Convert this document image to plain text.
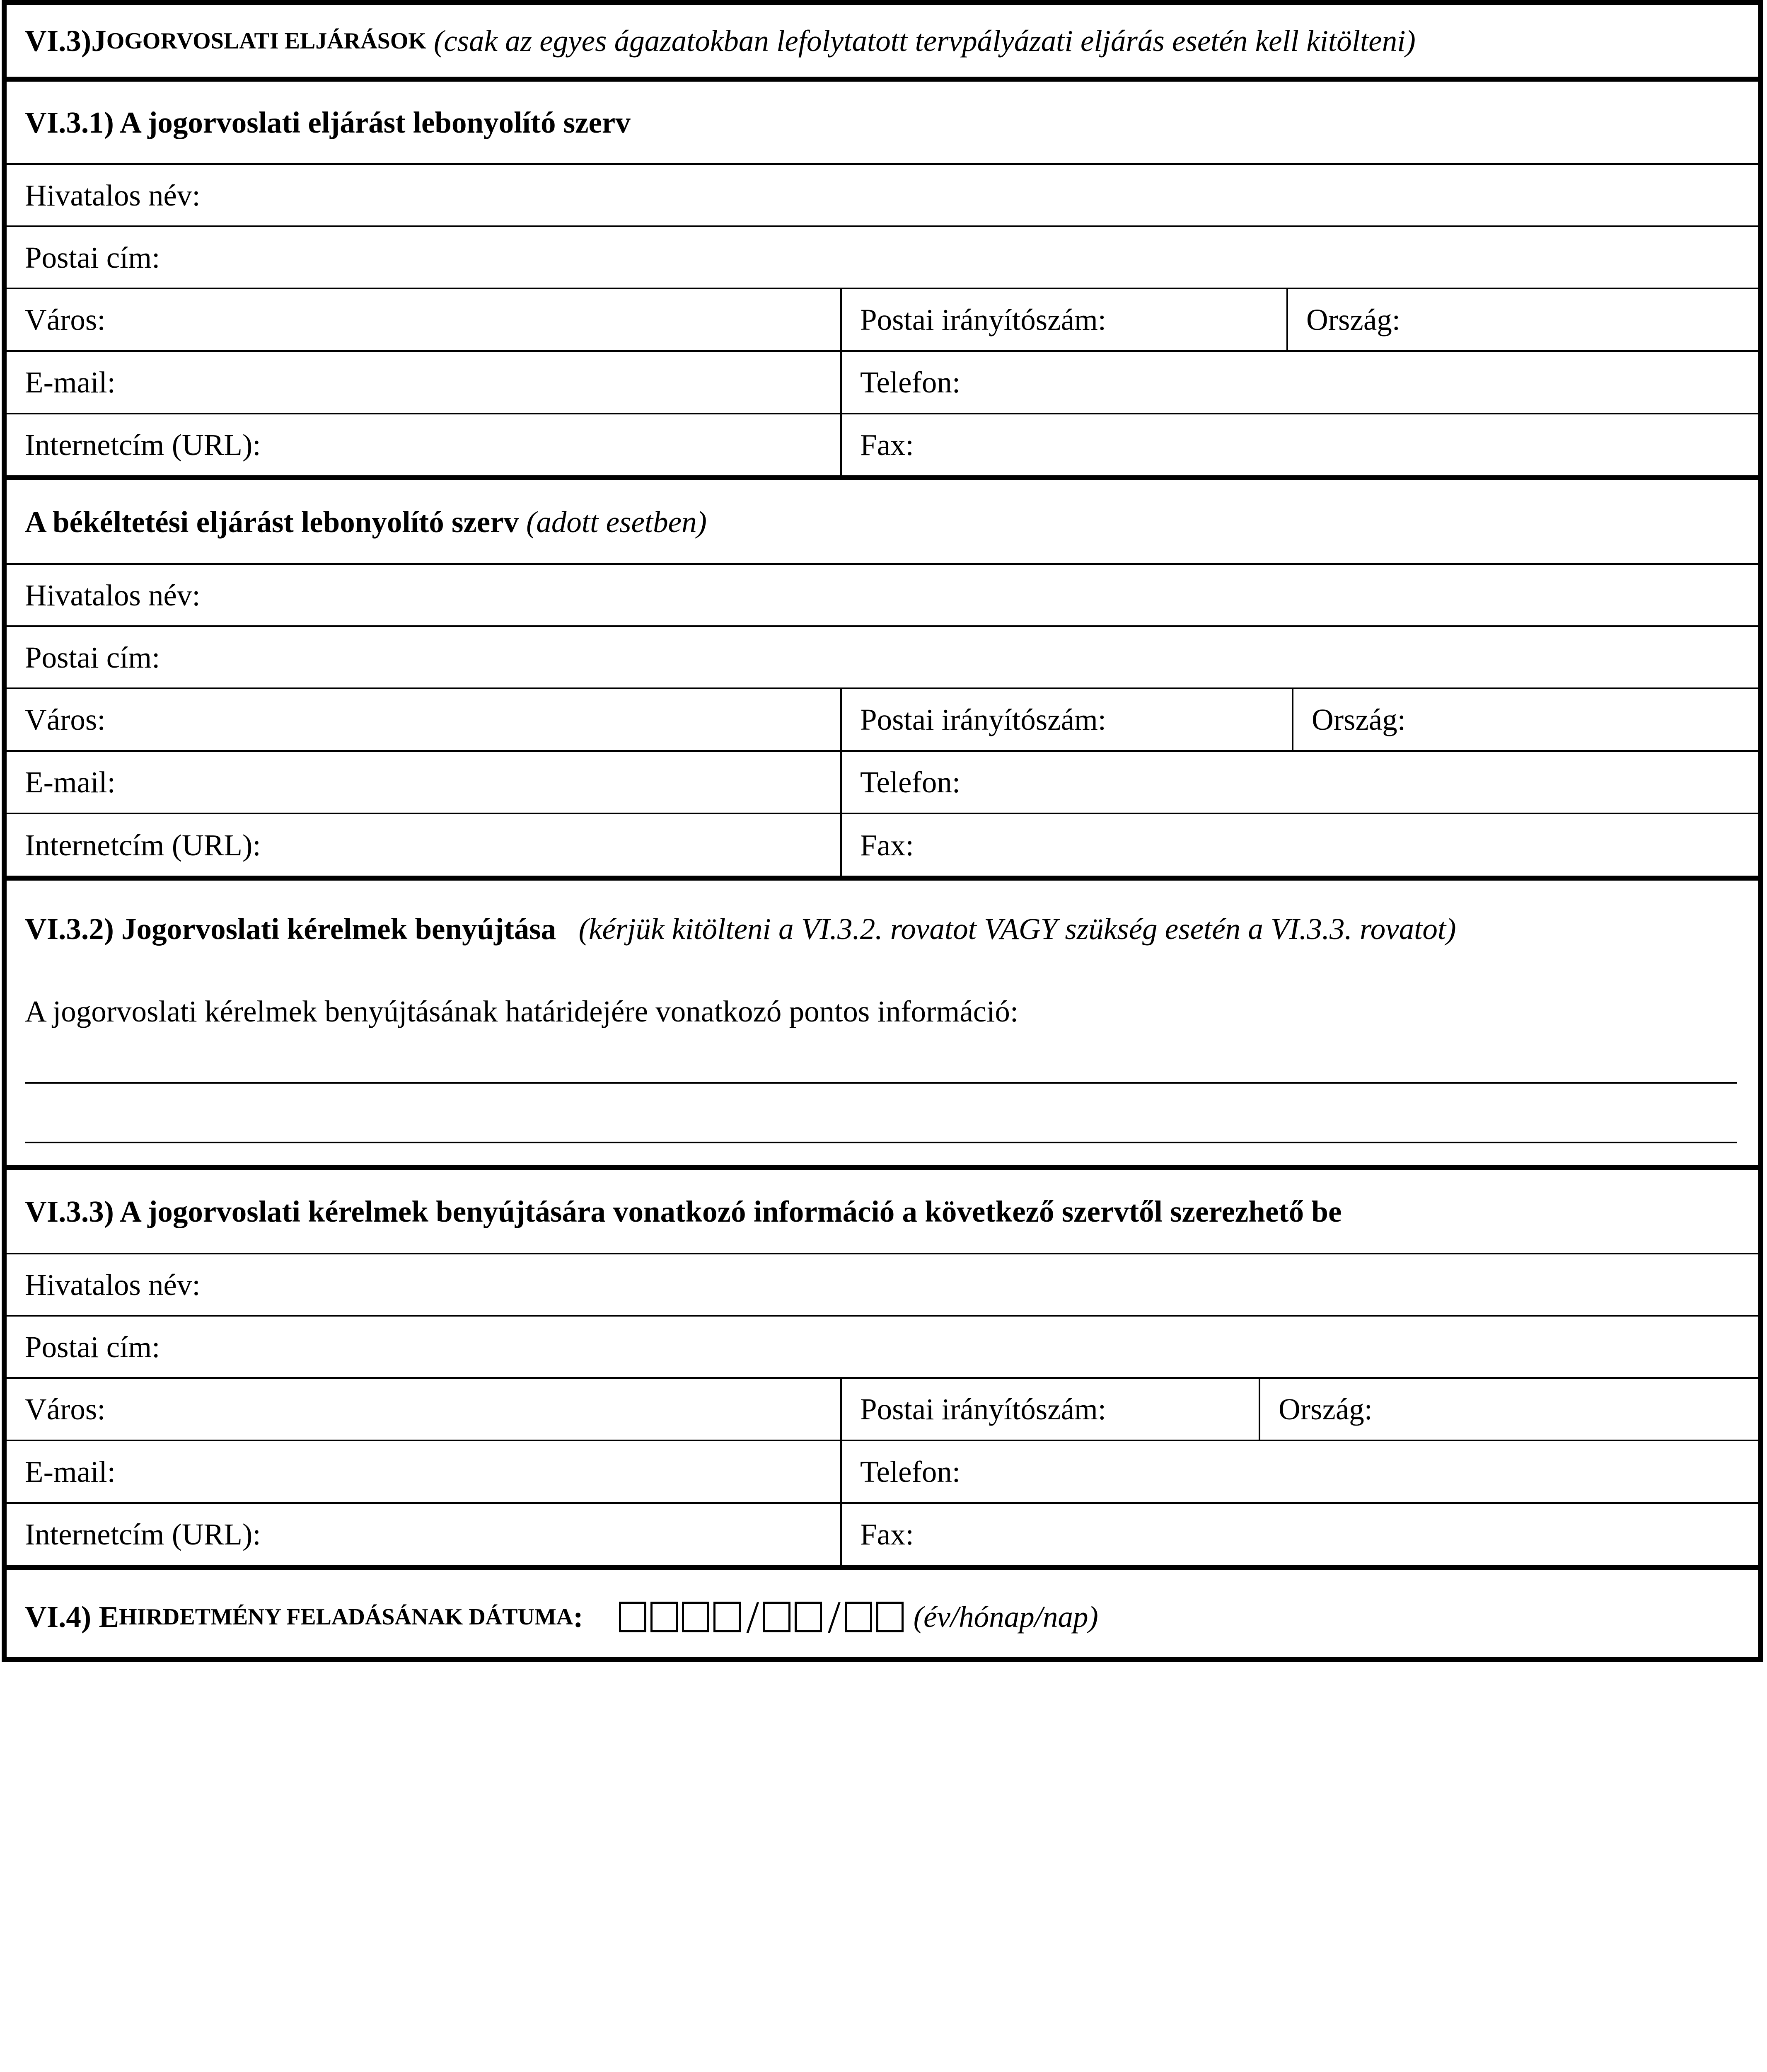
VI.3) J OGORVOSLATI ELJÁRÁSOK (csak az egyes ágazatokban lefolytatott tervpályázati eljárás esetén kell kitölteni)
VI.3.1) A jogorvoslati eljárást lebonyolító szerv
Hivatalos név:
Postai cím:
Város:	Postai irányítószám:	Ország:
E-mail:	Telefon:
Internetcím (URL):	Fax:
A békéltetési eljárást lebonyolító szerv (adott esetben)
Hivatalos név:
Postai cím:
Város:	Postai irányítószám:	Ország:
E-mail:	Telefon:
Internetcím (URL):	Fax:
VI.3.2) Jogorvoslati kérelmek benyújtása (kérjük kitölteni a VI.3.2. rovatot VAGY szükség esetén a VI.3.3. rovatot)
A jogorvoslati kérelmek benyújtásának határidejére vonatkozó pontos információ:
VI.3.3) A jogorvoslati kérelmek benyújtására vonatkozó információ a következő szervtől szerezhető be
Hivatalos név:
Postai cím:
Város:	Postai irányítószám:	Ország:
E-mail:	Telefon:
Internetcím (URL):	Fax:
VI.4) E HIRDETMÉNY FELADÁSÁNAK DÁTUMA :	/ / (év/hónap/nap)
